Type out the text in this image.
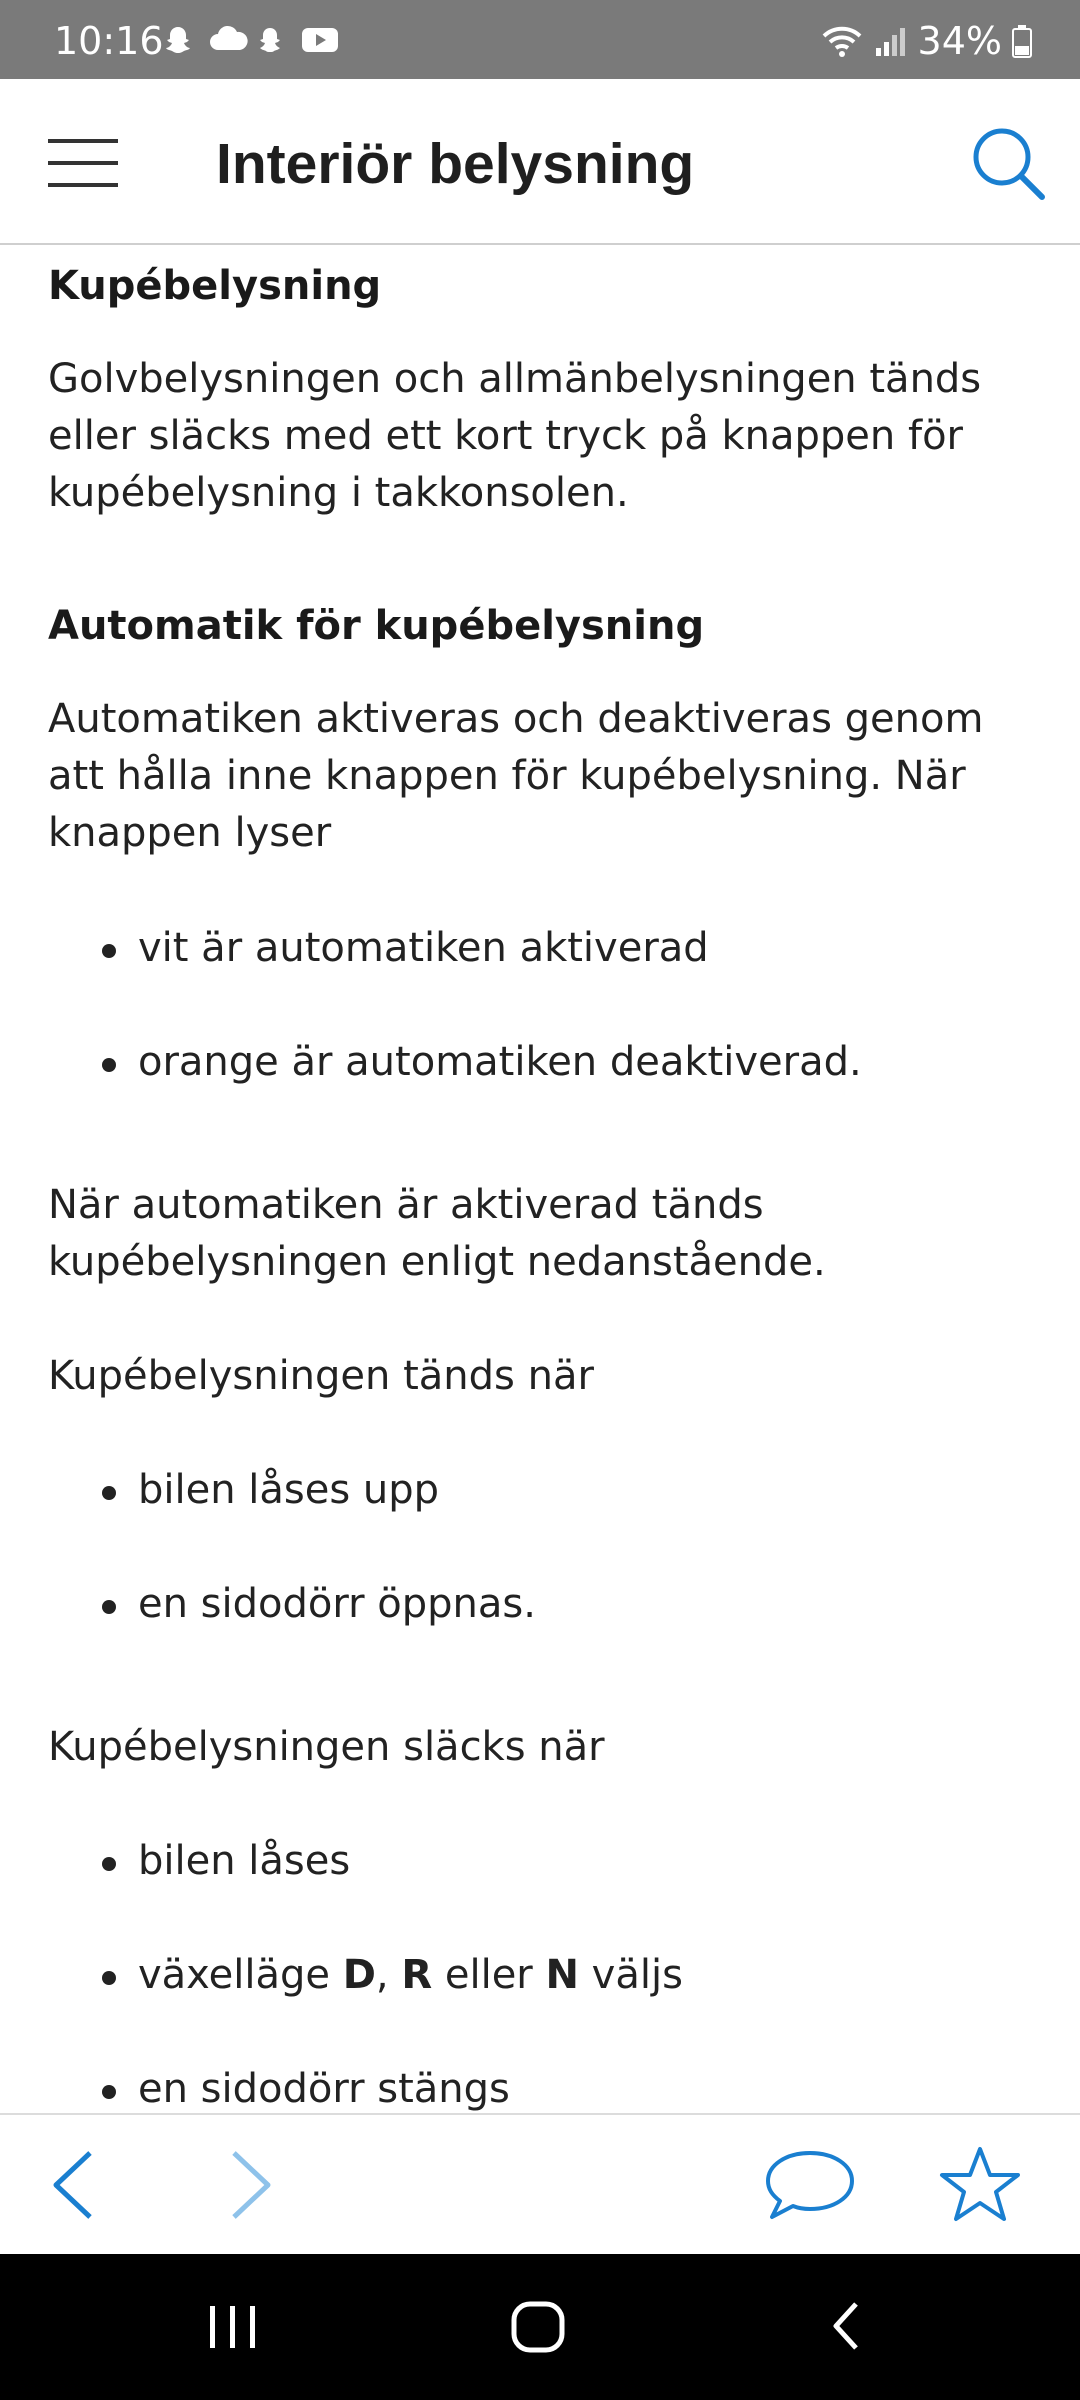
10:16	34%
Interiör belysning
Kupébelysning
Golvbelysningen och allmänbelysningen tänds eller släcks med ett kort tryck på knappen för kupébelysning i takkonsolen.
Automatik för kupébelysning
Automatiken aktiveras och deaktiveras genom att hålla inne knappen för kupébelysning. När knappen lyser
vit är automatiken aktiverad
orange är automatiken deaktiverad.
När automatiken är aktiverad tänds kupébelysningen enligt nedanstående.
Kupébelysningen tänds när
bilen låses upp
en sidodörr öppnas.
Kupébelysningen släcks när
bilen låses
växelläge D, R eller N väljs
en sidodörr stängs
